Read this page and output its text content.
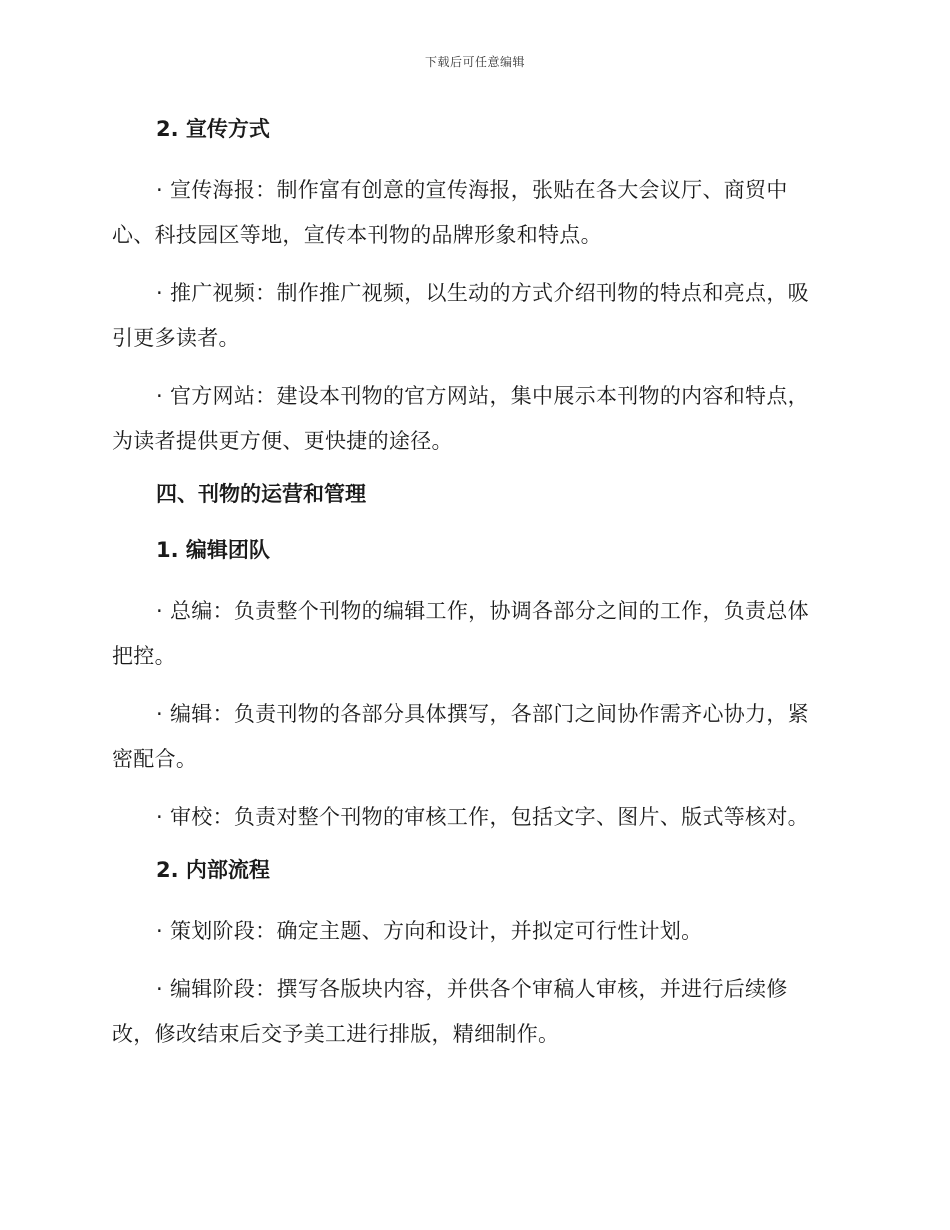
下载后可任意编辑
2. 宣传方式
· 宣传海报：制作富有创意的宣传海报，张贴在各大会议厅、商贸中心、科技园区等地，宣传本刊物的品牌形象和特点。
· 推广视频：制作推广视频，以生动的方式介绍刊物的特点和亮点，吸引更多读者。
· 官方网站：建设本刊物的官方网站，集中展示本刊物的内容和特点，为读者提供更方便、更快捷的途径。
四、刊物的运营和管理
1. 编辑团队
· 总编：负责整个刊物的编辑工作，协调各部分之间的工作，负责总体把控。
· 编辑：负责刊物的各部分具体撰写，各部门之间协作需齐心协力，紧密配合。
· 审校：负责对整个刊物的审核工作，包括文字、图片、版式等核对。
2. 内部流程
· 策划阶段：确定主题、方向和设计，并拟定可行性计划。
· 编辑阶段：撰写各版块内容，并供各个审稿人审核，并进行后续修改，修改结束后交予美工进行排版，精细制作。
